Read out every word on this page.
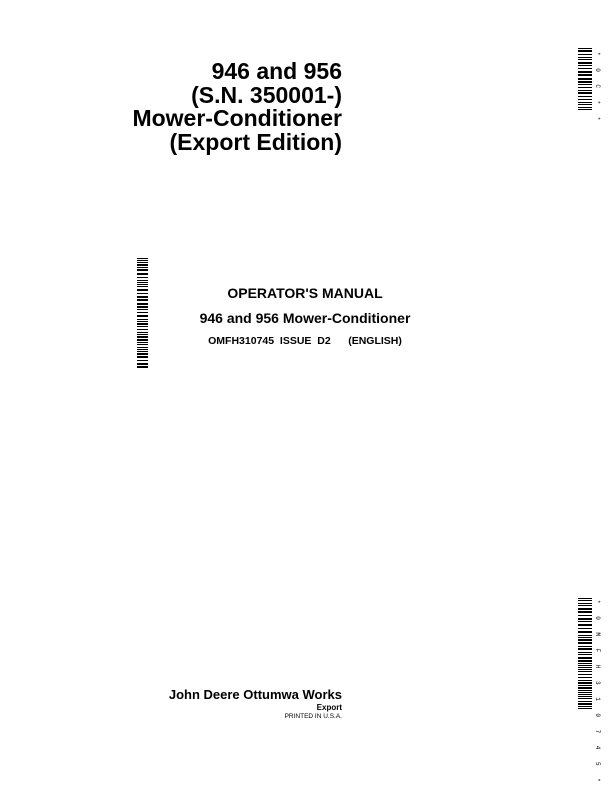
946 and 956
(S.N. 350001-)
Mower-Conditioner
(Export Edition)
* 0 C * *
OPERATOR'S MANUAL
946 and 956 Mower-Conditioner
OMFH310745  ISSUE  D2      (ENGLISH)
* 0 M F H 3 1 0 7 4 5 *
John Deere Ottumwa Works
Export
PRINTED IN U.S.A.
